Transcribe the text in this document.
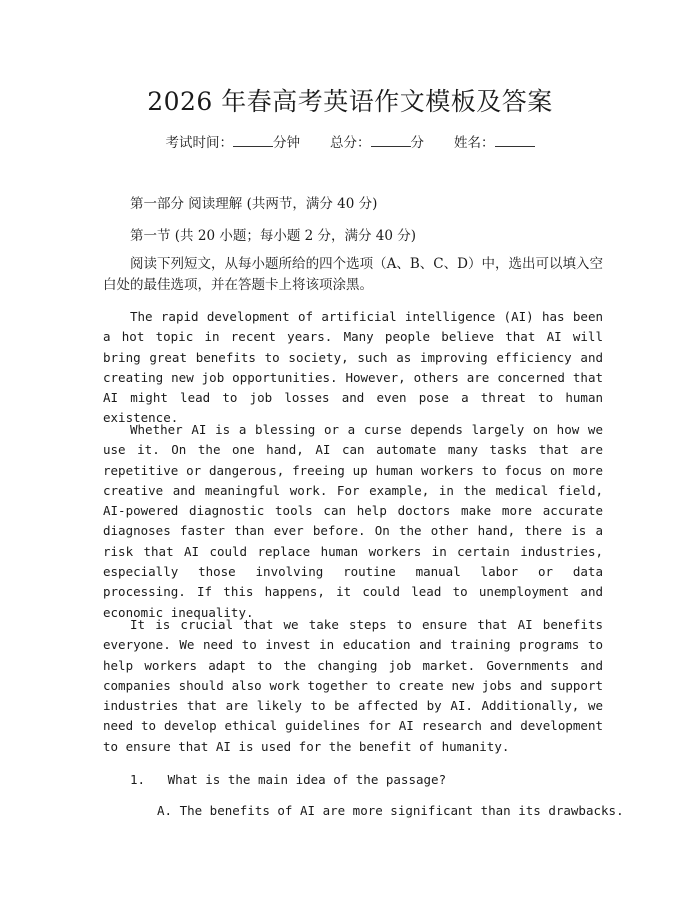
2026 年春高考英语作文模板及答案
考试时间：	分钟 总分：	分 姓名：
第一部分 阅读理解 (共两节，满分 40 分)
第一节 (共 20 小题；每小题 2 分，满分 40 分)

阅读下列短文，从每小题所给的四个选项（A、B、C、D）中，选出可以填入空白处的最佳选项，并在答题卡上将该项涂黑。

The rapid development of artificial intelligence (AI) has been a hot topic in recent years. Many people believe that AI will bring great benefits to society, such as improving efficiency and creating new job opportunities. However, others are concerned that AI might lead to job losses and even pose a threat to human existence.

Whether AI is a blessing or a curse depends largely on how we use it. On the one hand, AI can automate many tasks that are repetitive or dangerous, freeing up human workers to focus on more creative and meaningful work. For example, in the medical field, AI-powered diagnostic tools can help doctors make more accurate diagnoses faster than ever before. On the other hand, there is a risk that AI could replace human workers in certain industries, especially those involving routine manual labor or data processing. If this happens, it could lead to unemployment and economic inequality.

It is crucial that we take steps to ensure that AI benefits everyone. We need to invest in education and training programs to help workers adapt to the changing job market. Governments and companies should also work together to create new jobs and support industries that are likely to be affected by AI. Additionally, we need to develop ethical guidelines for AI research and development to ensure that AI is used for the benefit of humanity.

1. What is the main idea of the passage?
A. The benefits of AI are more significant than its drawbacks.
